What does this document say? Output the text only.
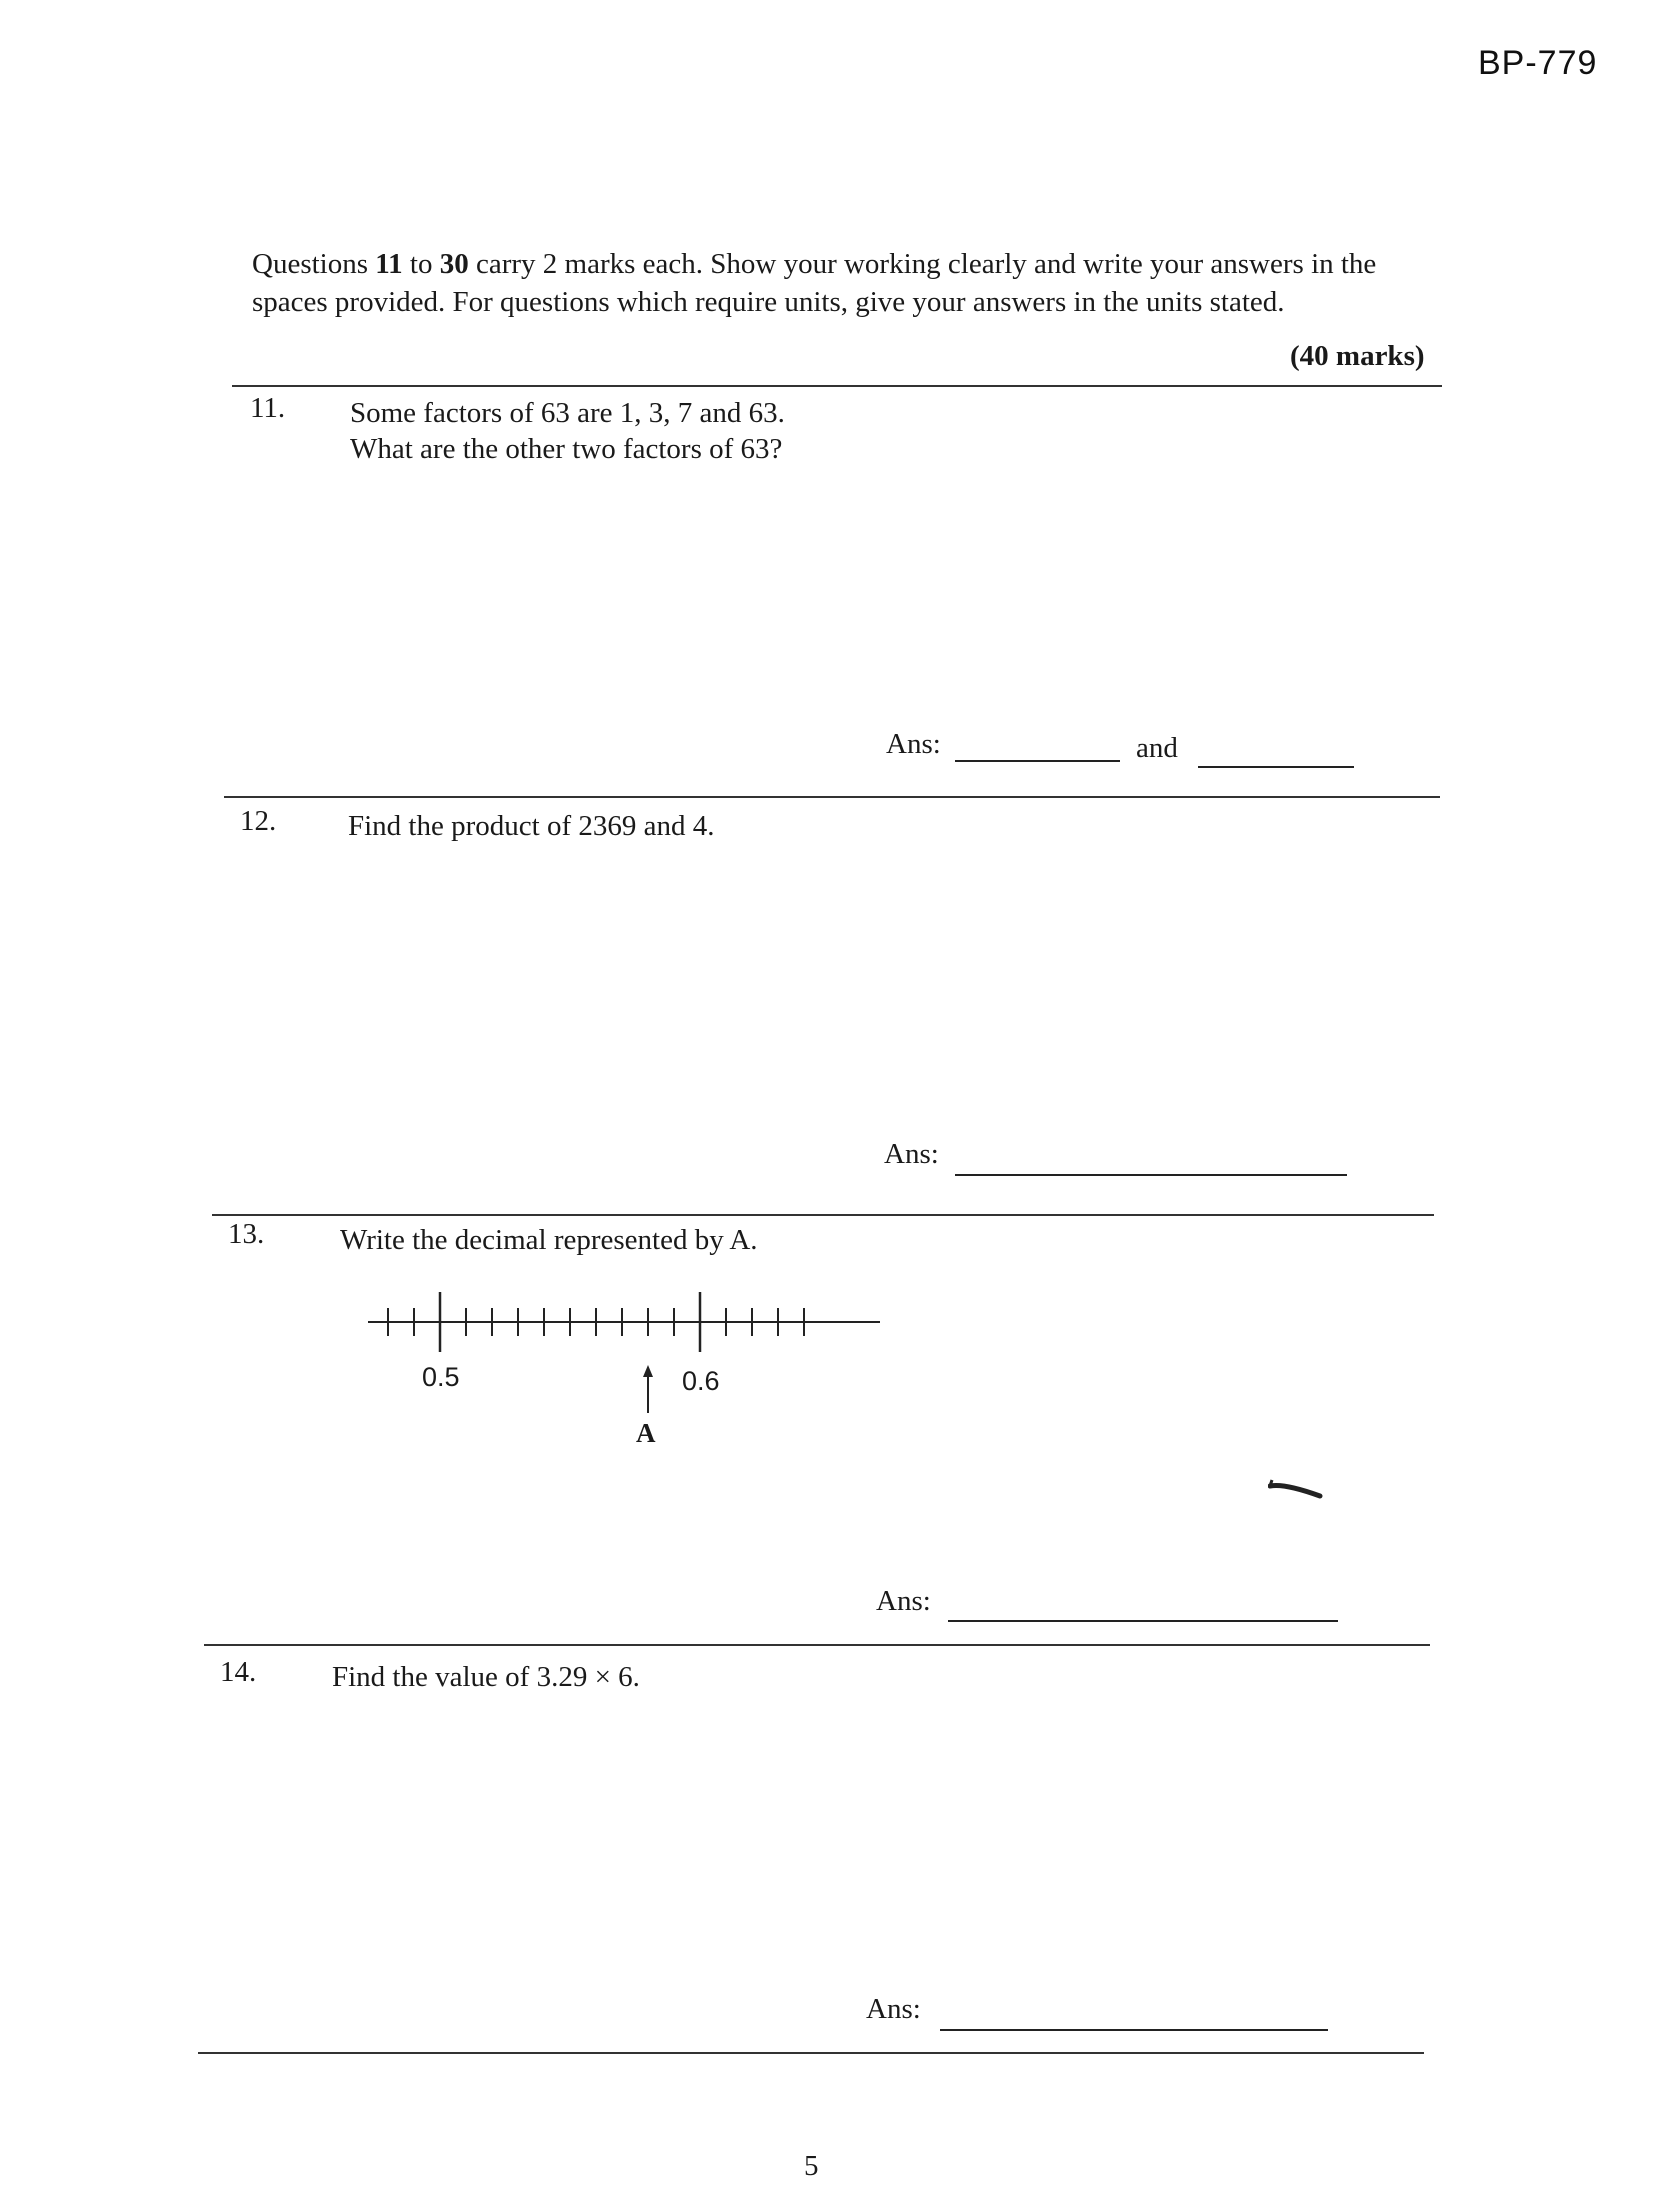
BP-779
Questions 11 to 30 carry 2 marks each. Show your working clearly and write your answers in the
spaces provided. For questions which require units, give your answers in the units stated.
(40 marks)
11. Some factors of 63 are 1, 3, 7 and 63.
What are the other two factors of 63?
Ans:	and
12. Find the product of 2369 and 4.
Ans:
13.	Write the decimal represented by A.
0.5	0.6
A
Ans:
14.	Find the value of 3.29 × 6.
Ans:
5
